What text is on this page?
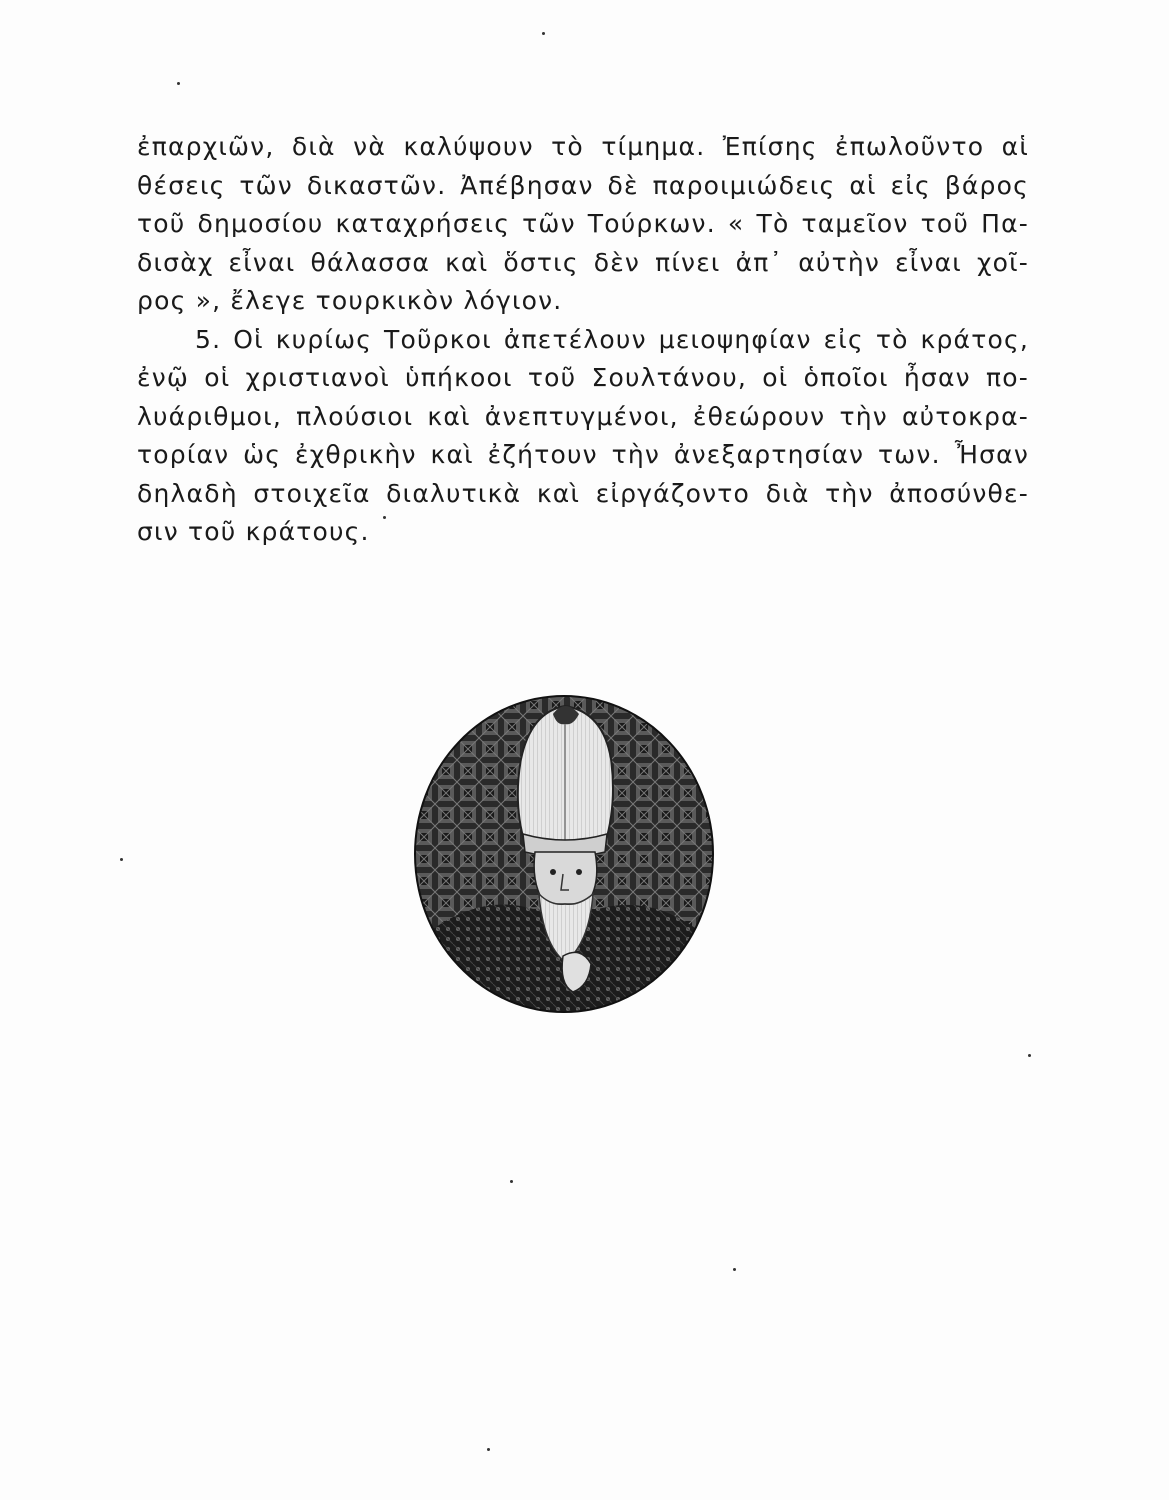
ἐπαρχιῶν, διὰ νὰ καλύψουν τὸ τίμημα. Ἐπίσης ἐπωλοῦντο αἱ
θέσεις τῶν δικαστῶν. Ἀπέβησαν δὲ παροιμιώδεις αἱ εἰς βάρος
τοῦ δημοσίου καταχρήσεις τῶν Τούρκων. « Τὸ ταμεῖον τοῦ Πα-
δισὰχ εἶναι θάλασσα καὶ ὅστις δὲν πίνει ἀπ᾽ αὐτὴν εἶναι χοῖ-
ρος », ἔλεγε τουρκικὸν λόγιον.
5. Οἱ κυρίως Τοῦρκοι ἀπετέλουν μειοψηφίαν εἰς τὸ κράτος,
ἐνῷ οἱ χριστιανοὶ ὑπήκοοι τοῦ Σουλτάνου, οἱ ὁποῖοι ἦσαν πο-
λυάριθμοι, πλούσιοι καὶ ἀνεπτυγμένοι, ἐθεώρουν τὴν αὐτοκρα-
τορίαν ὡς ἐχθρικὴν καὶ ἐζήτουν τὴν ἀνεξαρτησίαν των. Ἦσαν
δηλαδὴ στοιχεῖα διαλυτικὰ καὶ εἰργάζοντο διὰ τὴν ἀποσύνθε-
σιν τοῦ κράτους.
